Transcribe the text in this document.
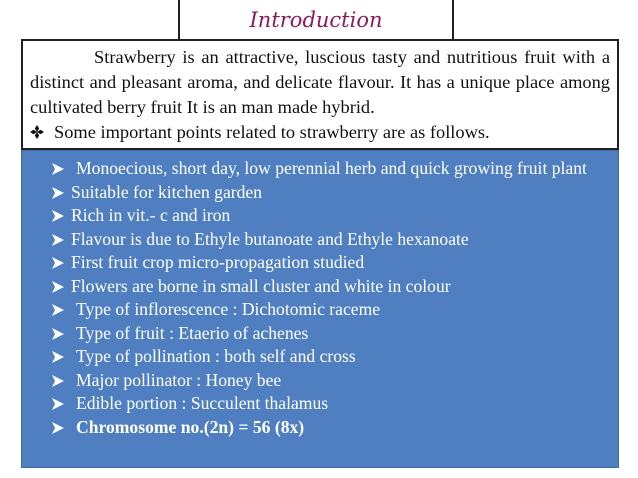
Introduction

Strawberry is an attractive, luscious tasty and nutritious fruit with a distinct and pleasant aroma, and delicate flavour. It has a unique place among cultivated berry fruit It is an man made hybrid.

Some important points related to strawberry are as follows.

Monoecious, short day, low perennial herb and quick growing fruit plant
Suitable for kitchen garden
Rich in vit.- c and iron
Flavour is due to Ethyle butanoate and Ethyle hexanoate
First fruit crop micro-propagation studied
Flowers are borne in small cluster and white in colour
Type of inflorescence : Dichotomic raceme
Type of fruit : Etaerio of achenes
Type of pollination : both self and cross
Major pollinator : Honey bee
Edible portion : Succulent thalamus
Chromosome no.(2n) = 56 (8x)
